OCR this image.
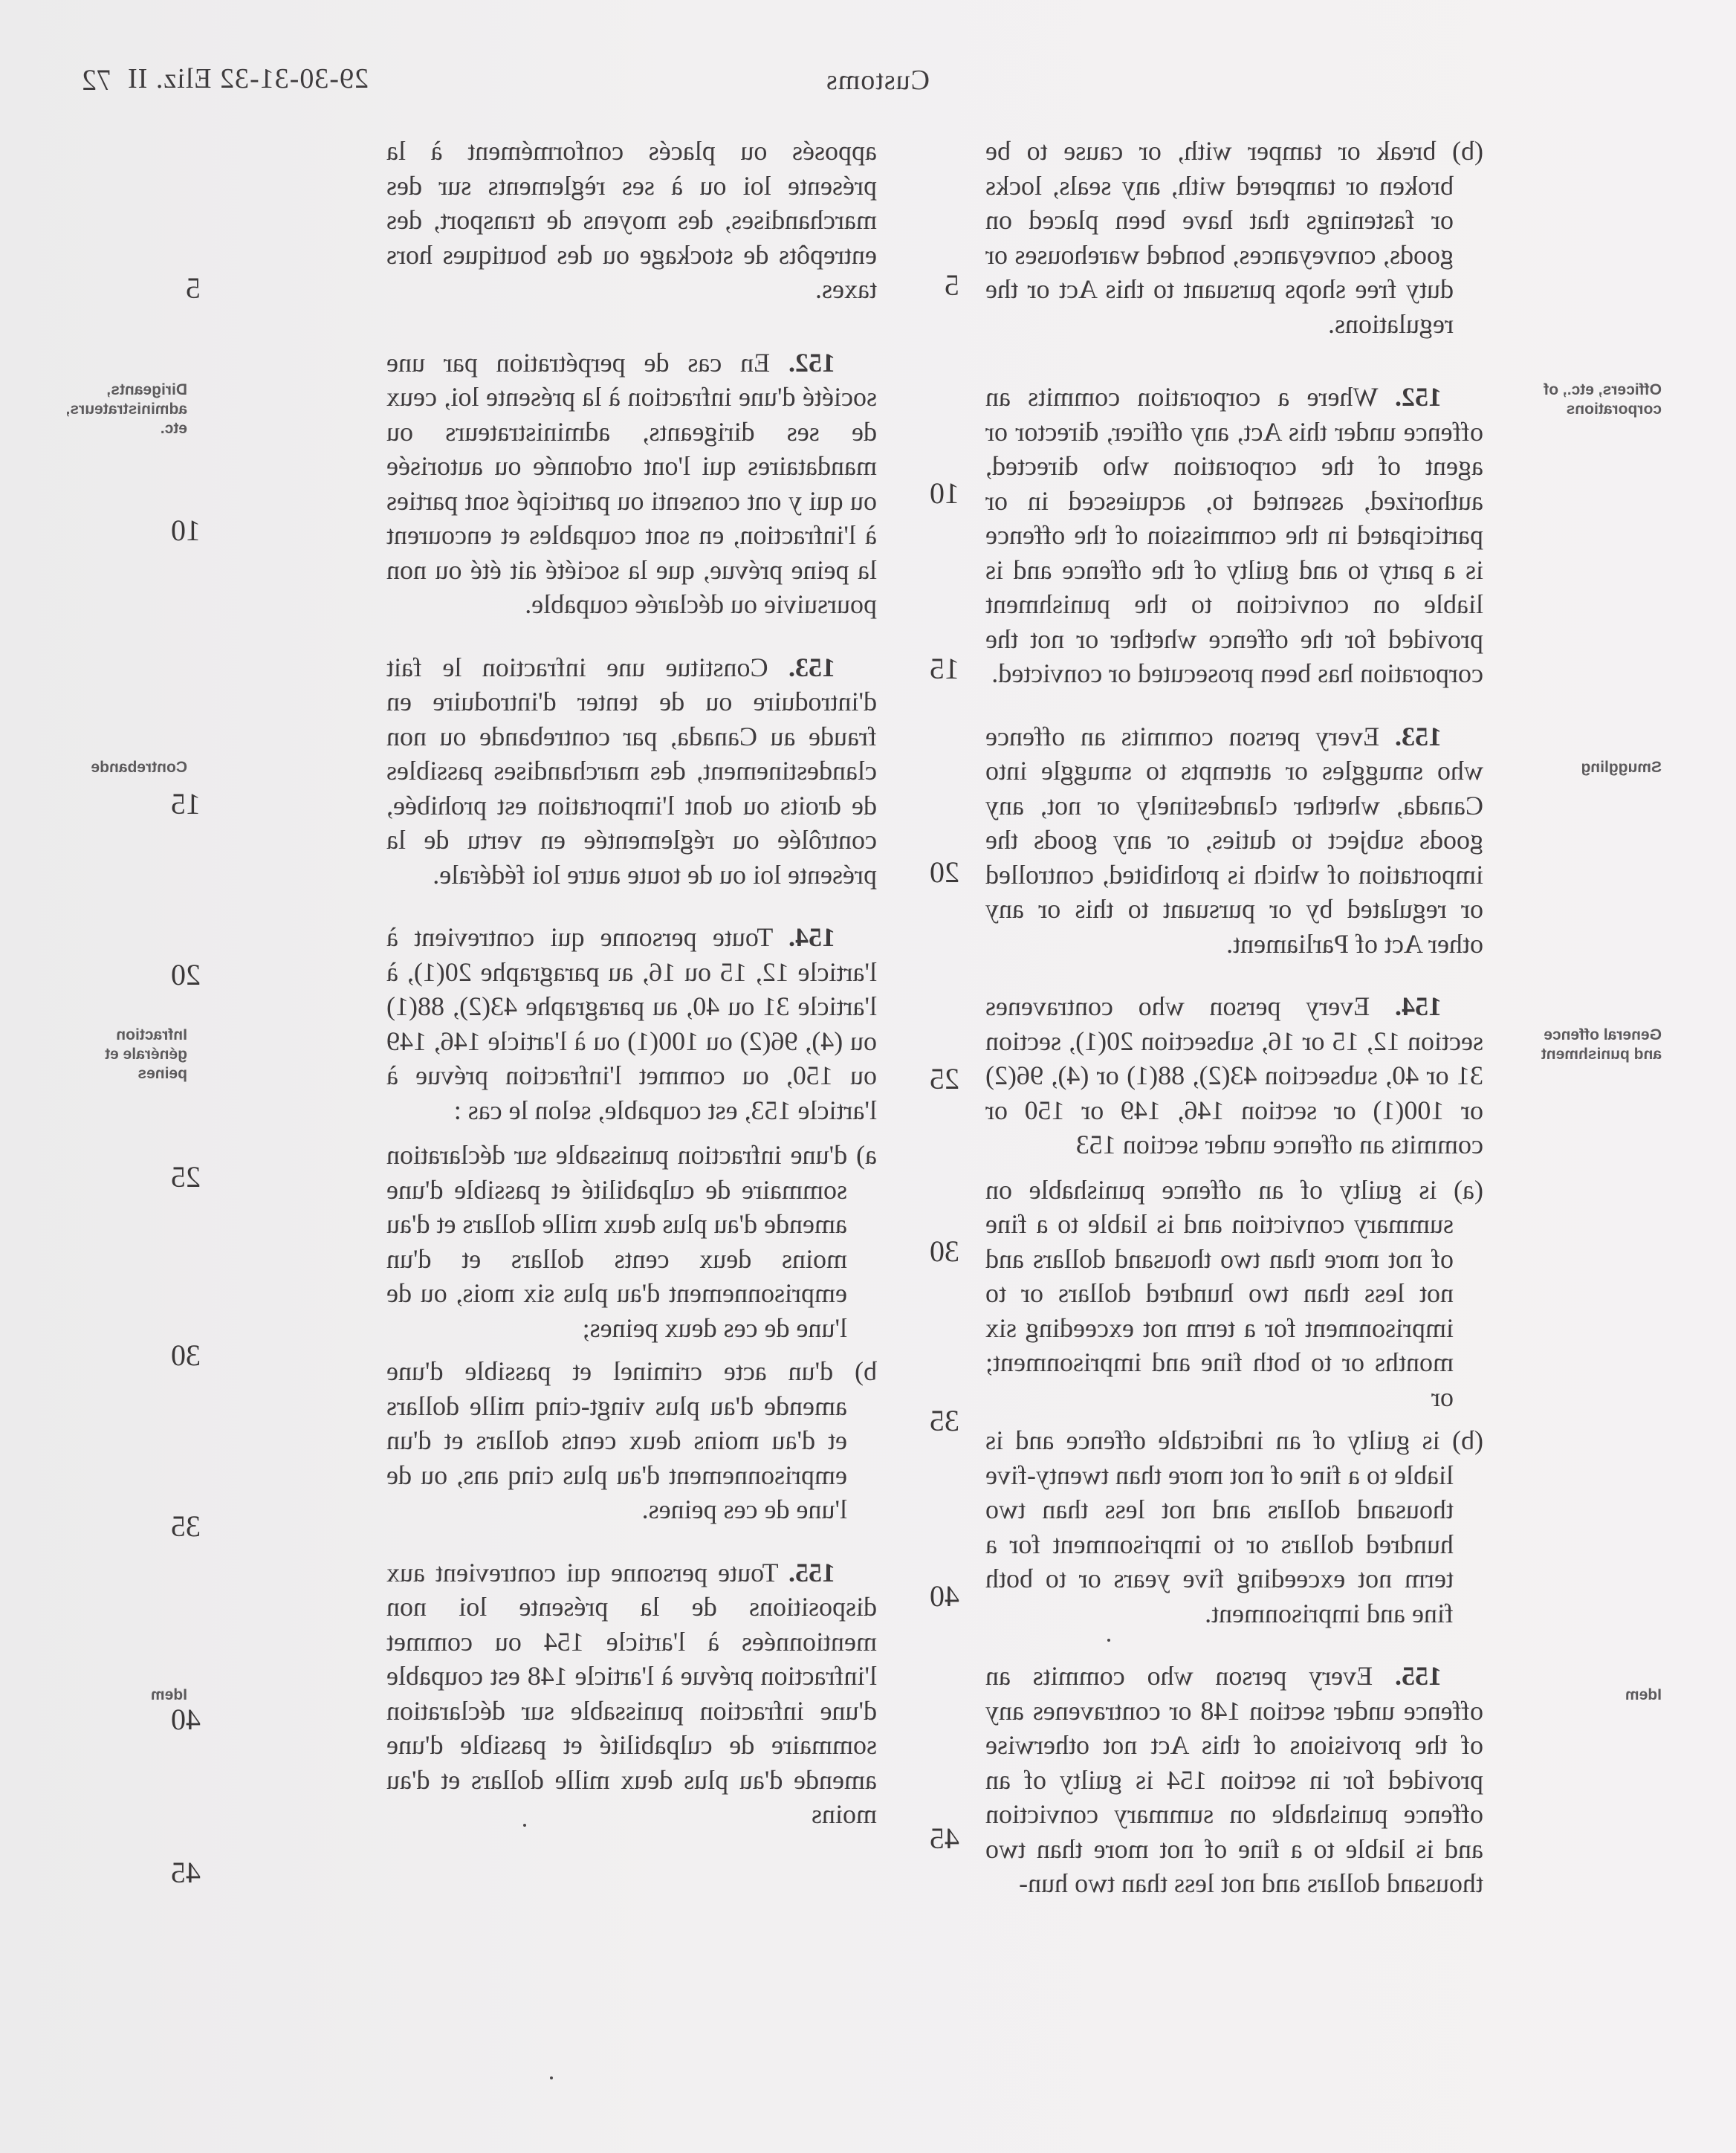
72	Customs
29-30-31-32 Eliz. II

(b) break or tamper with, or cause to be broken or tampered with, any seals, locks or fastenings that have been placed on goods, conveyances, bonded warehouses or duty free shops pursuant to this Act or the regulations.

152. Where a corporation commits an offence under this Act, any officer, director or agent of the corporation who directed, authorized, assented to, acquiesced in or participated in the commission of the offence is a party to and guilty of the offence and is liable on conviction to the punishment provided for the offence whether or not the corporation has been prosecuted or convicted.

153. Every person commits an offence who smuggles or attempts to smuggle into Canada, whether clandestinely or not, any goods subject to duties, or any goods the importation of which is prohibited, controlled or regulated by or pursuant to this or any other Act of Parliament.

154. Every person who contravenes section 12, 15 or 16, subsection 20(1), section 31 or 40, subsection 43(2), 88(1) or (4), 96(2) or 100(1) or section 146, 149 or 150 or commits an offence under section 153

(a) is guilty of an offence punishable on summary conviction and is liable to a fine of not more than two thousand dollars and not less than two hundred dollars or to imprisonment for a term not exceeding six months or to both fine and imprisonment; or

(b) is guilty of an indictable offence and is liable to a fine of not more than twenty-five thousand dollars and not less than two hundred dollars or to imprisonment for a term not exceeding five years or to both fine and imprisonment.

155. Every person who commits an offence under section 148 or contravenes any of the provisions of this Act not otherwise provided for in section 154 is guilty of an offence punishable on summary conviction and is liable to a fine of not more than two thousand dollars and not less than two hun-

apposés ou placés conformément à la présente loi ou à ses règlements sur des marchandises, des moyens de transport, des entrepôts de stockage ou des boutiques hors taxes.

152. En cas de perpétration par une société d'une infraction à la présente loi, ceux de ses dirigeants, administrateurs ou mandataires qui l'ont ordonnée ou autorisée ou qui y ont consenti ou participé sont parties à l'infraction, en sont coupables et encourent la peine prévue, que la société ait été ou non poursuivie ou déclarée coupable.

153. Constitue une infraction le fait d'introduire ou de tenter d'introduire en fraude au Canada, par contrebande ou non clandestinement, des marchandises passibles de droits ou dont l'importation est prohibée, contrôlée ou réglementée en vertu de la présente loi ou de toute autre loi fédérale.

154. Toute personne qui contrevient à l'article 12, 15 ou 16, au paragraphe 20(1), à l'article 31 ou 40, au paragraphe 43(2), 88(1) ou (4), 96(2) ou 100(1) ou à l'article 146, 149 ou 150, ou commet l'infraction prévue à l'article 153, est coupable, selon le cas :

a) d'une infraction punissable sur déclaration sommaire de culpabilité et passible d'une amende d'au plus deux mille dollars et d'au moins deux cents dollars et d'un emprisonnement d'au plus six mois, ou de l'une de ces deux peines;

b) d'un acte criminel et passible d'une amende d'au plus vingt-cinq mille dollars et d'au moins deux cents dollars et d'un emprisonnement d'au plus cinq ans, ou de l'une de ces peines.

155. Toute personne qui contrevient aux dispositions de la présente loi non mentionnées à l'article 154 ou commet l'infraction prévue à l'article 148 est coupable d'une infraction punissable sur déclaration sommaire de culpabilité et passible d'une amende d'au plus deux mille dollars et d'au moins

Officers, etc., of corporations
Smuggling
General offence and punishment
Idem
Dirigeants, administrateurs, etc.
Contrebande
Infraction générale et peines
Idem
5
10
15
20
25
30
35
40
45
5
10
15
20
25
30
35
40
45
